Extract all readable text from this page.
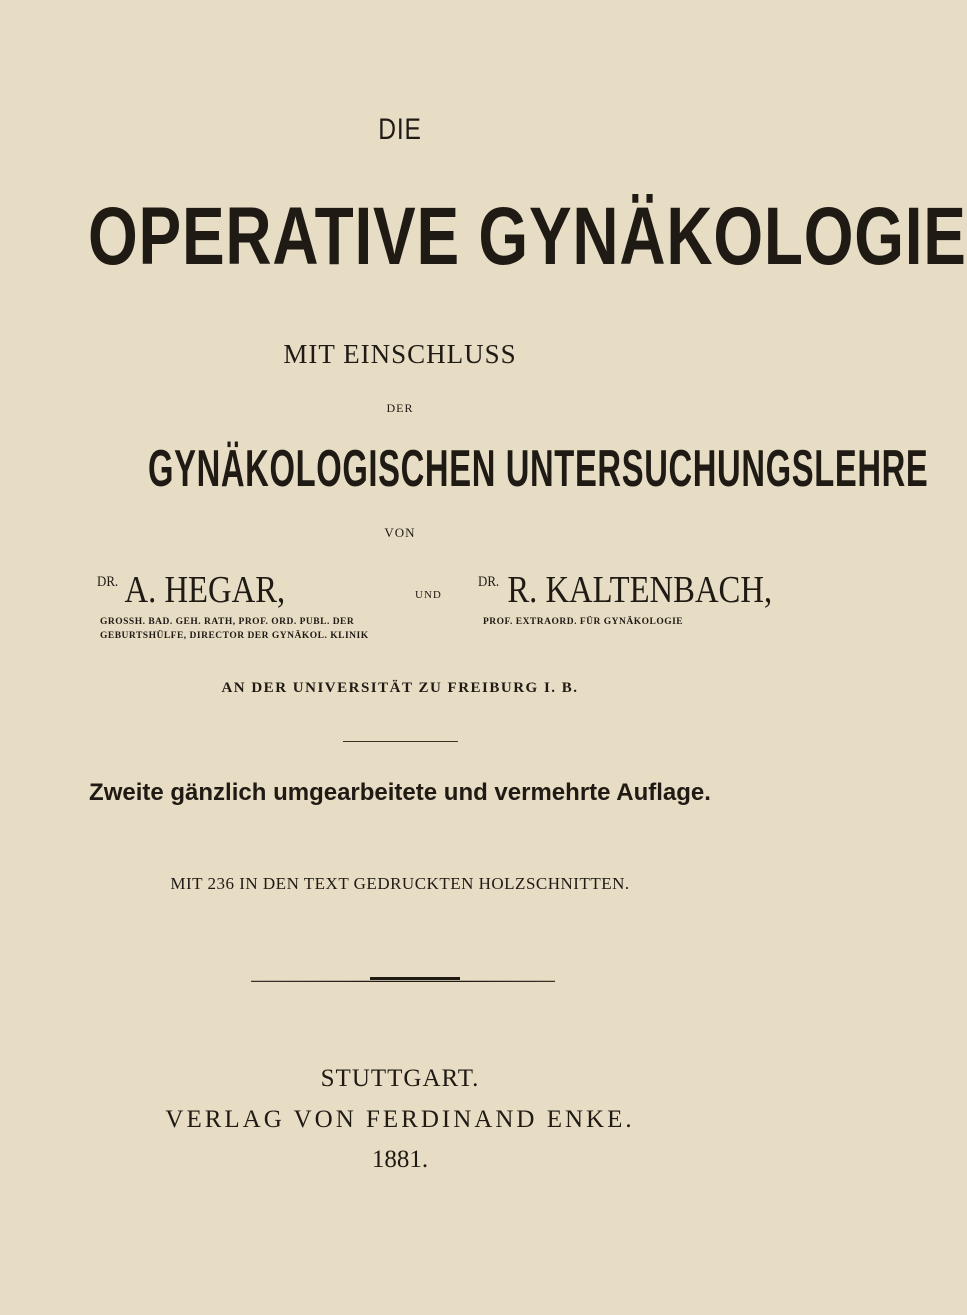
DIE
OPERATIVE GYNÄKOLOGIE
MIT EINSCHLUSS
DER
GYNÄKOLOGISCHEN UNTERSUCHUNGSLEHRE
VON
$^{DR.}$ A. HEGAR,	UND
$^{DR.}$ R. KALTENBACH,
GROSSH. BAD. GEH. RATH, PROF. ORD. PUBL. DER
GEBURTSHÜLFE, DIRECTOR DER GYNÄKOL. KLINIK
PROF. EXTRAORD. FÜR GYNÄKOLOGIE
AN DER UNIVERSITÄT ZU FREIBURG I. B.
Zweite gänzlich umgearbeitete und vermehrte Auflage.
MIT 236 IN DEN TEXT GEDRUCKTEN HOLZSCHNITTEN.
STUTTGART.
VERLAG VON FERDINAND ENKE.
1881.
